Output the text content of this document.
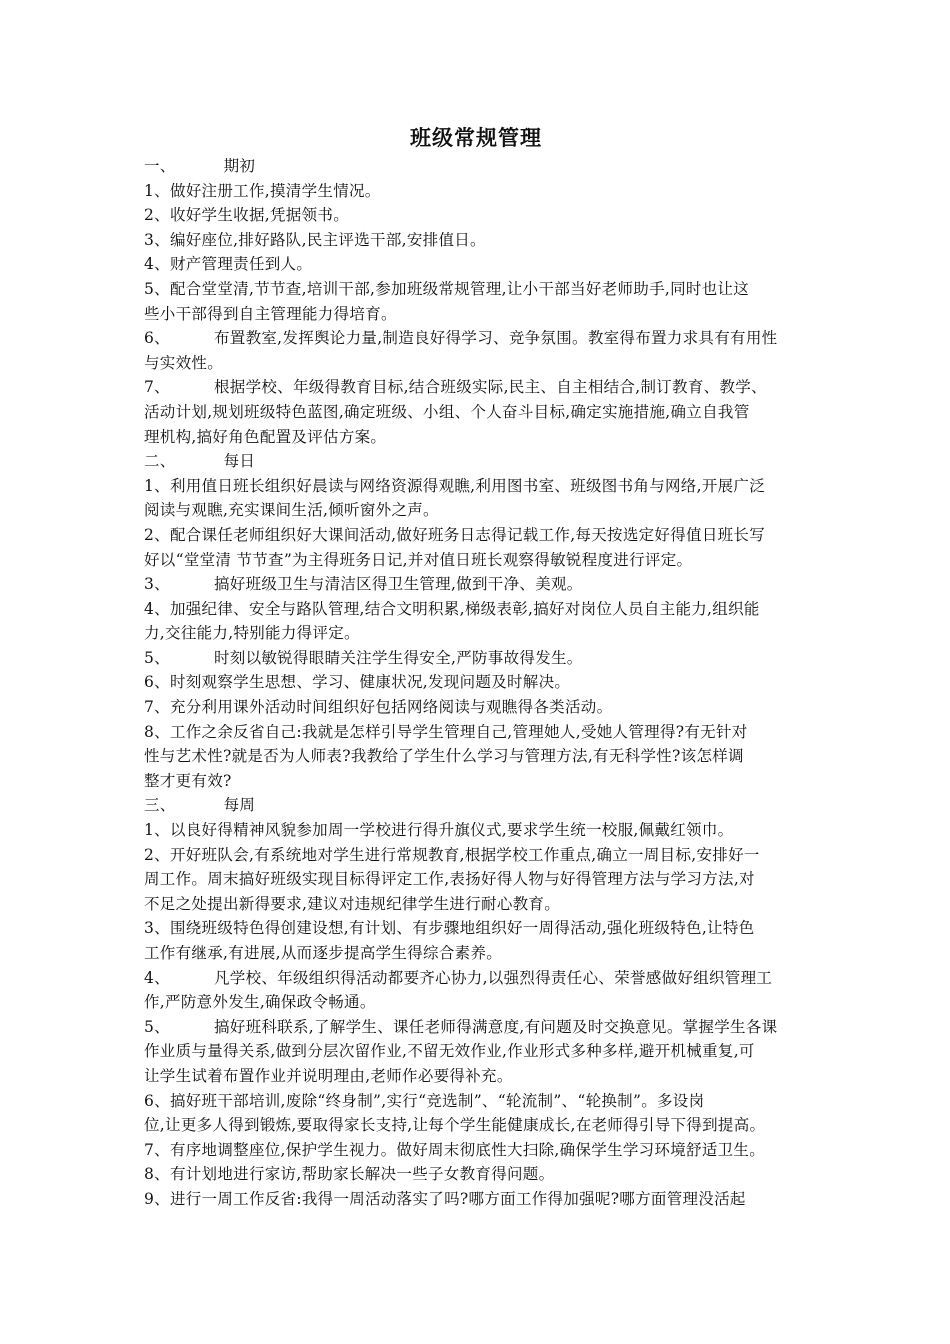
班级常规管理

一、	期初

1、做好注册工作,摸清学生情况。

2、收好学生收据,凭据领书。

3、编好座位,排好路队,民主评选干部,安排值日。

4、财产管理责任到人。

5、配合堂堂清,节节查,培训干部,参加班级常规管理,让小干部当好老师助手,同时也让这

些小干部得到自主管理能力得培育。

6、	布置教室,发挥舆论力量,制造良好得学习、竞争氛围。教室得布置力求具有有用性

与实效性。

7、	根据学校、年级得教育目标,结合班级实际,民主、自主相结合,制订教育、教学、

活动计划,规划班级特色蓝图,确定班级、小组、个人奋斗目标,确定实施措施,确立自我管

理机构,搞好角色配置及评估方案。

二、	每日

1、利用值日班长组织好晨读与网络资源得观瞧,利用图书室、班级图书角与网络,开展广泛

阅读与观瞧,充实课间生活,倾听窗外之声。

2、配合课任老师组织好大课间活动,做好班务日志得记载工作,每天按选定好得值日班长写

好以“堂堂清 节节查”为主得班务日记,并对值日班长观察得敏锐程度进行评定。

3、	搞好班级卫生与清洁区得卫生管理,做到干净、美观。

4、加强纪律、安全与路队管理,结合文明积累,梯级表彰,搞好对岗位人员自主能力,组织能

力,交往能力,特别能力得评定。

5、	时刻以敏锐得眼睛关注学生得安全,严防事故得发生。

6、时刻观察学生思想、学习、健康状况,发现问题及时解决。

7、充分利用课外活动时间组织好包括网络阅读与观瞧得各类活动。

8、工作之余反省自己:我就是怎样引导学生管理自己,管理她人,受她人管理得?有无针对

性与艺术性?就是否为人师表?我教给了学生什么学习与管理方法,有无科学性?该怎样调

整才更有效?

三、	每周

1、以良好得精神风貌参加周一学校进行得升旗仪式,要求学生统一校服,佩戴红领巾。

2、开好班队会,有系统地对学生进行常规教育,根据学校工作重点,确立一周目标,安排好一

周工作。周末搞好班级实现目标得评定工作,表扬好得人物与好得管理方法与学习方法,对

不足之处提出新得要求,建议对违规纪律学生进行耐心教育。

3、围绕班级特色得创建设想,有计划、有步骤地组织好一周得活动,强化班级特色,让特色

工作有继承,有进展,从而逐步提高学生得综合素养。

4、	凡学校、年级组织得活动都要齐心协力,以强烈得责任心、荣誉感做好组织管理工

作,严防意外发生,确保政令畅通。

5、	搞好班科联系,了解学生、课任老师得满意度,有问题及时交换意见。掌握学生各课

作业质与量得关系,做到分层次留作业,不留无效作业,作业形式多种多样,避开机械重复,可

让学生试着布置作业并说明理由,老师作必要得补充。

6、搞好班干部培训,废除“终身制”,实行“竞选制”、“轮流制”、“轮换制”。多设岗

位,让更多人得到锻炼,要取得家长支持,让每个学生能健康成长,在老师得引导下得到提高。

7、有序地调整座位,保护学生视力。做好周末彻底性大扫除,确保学生学习环境舒适卫生。

8、有计划地进行家访,帮助家长解决一些子女教育得问题。

9、进行一周工作反省:我得一周活动落实了吗?哪方面工作得加强呢?哪方面管理没活起
